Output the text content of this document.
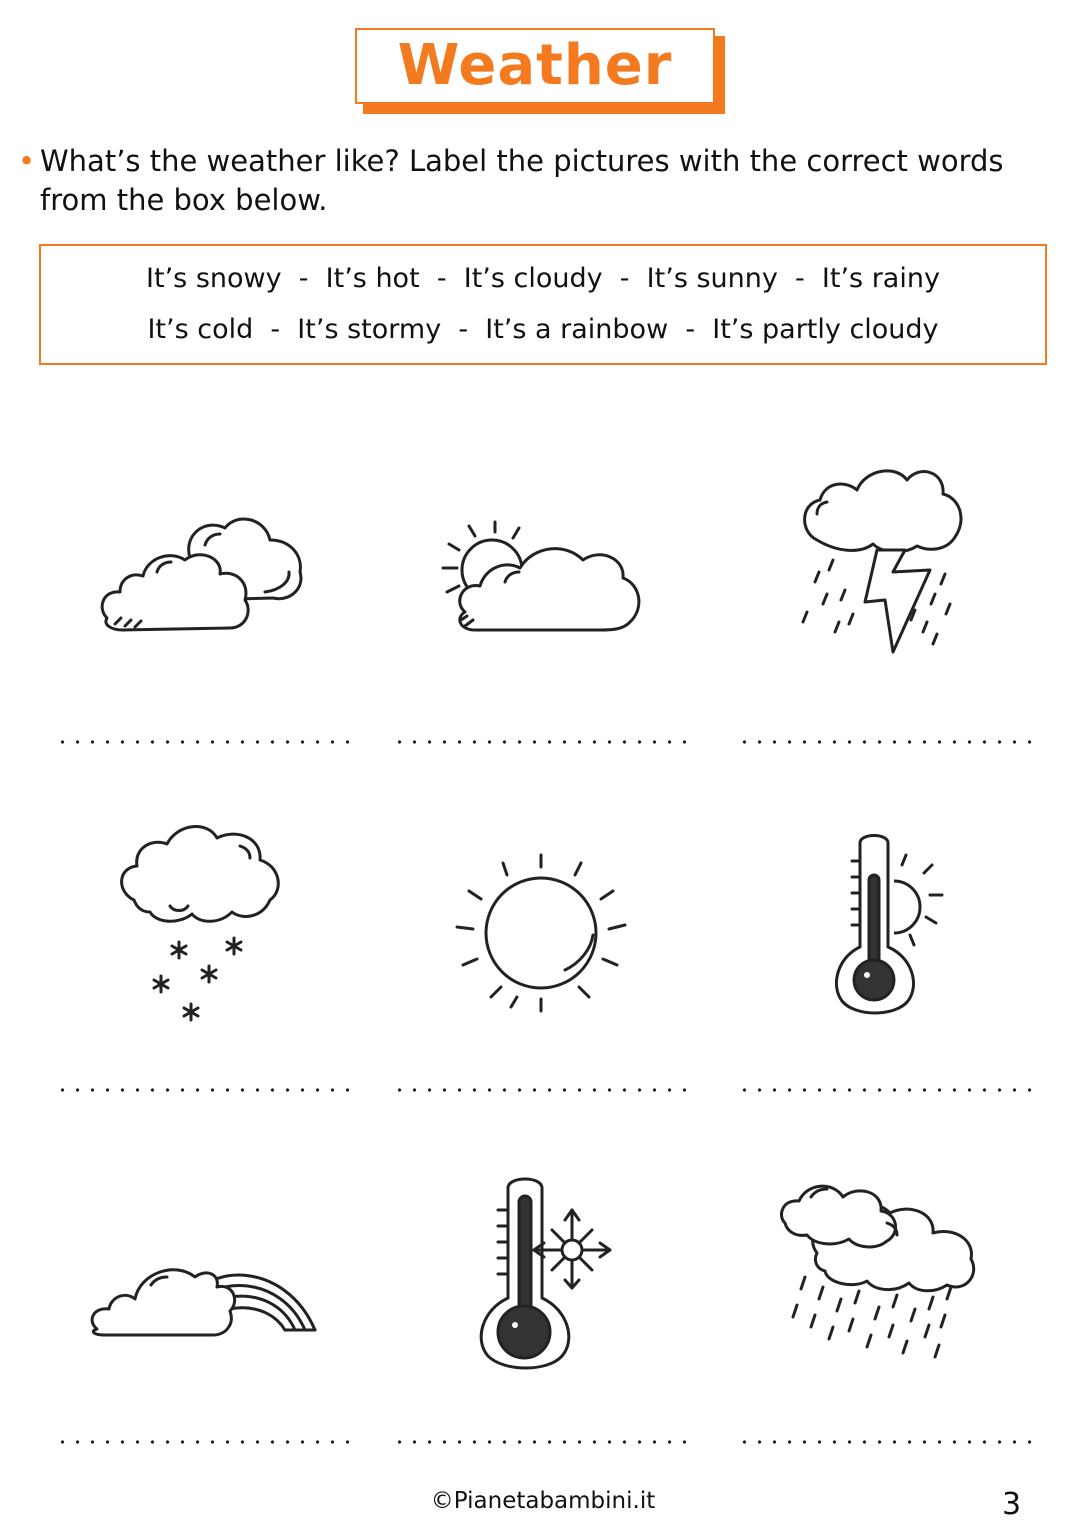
Weather
• What’s the weather like? Label the pictures with the correct words from the box below.
It’s snowy  -  It’s hot  -  It’s cloudy  -  It’s sunny  -  It’s rainy
It’s cold  -  It’s stormy  -  It’s a rainbow  -  It’s partly cloudy
©Pianetabambini.it	3
